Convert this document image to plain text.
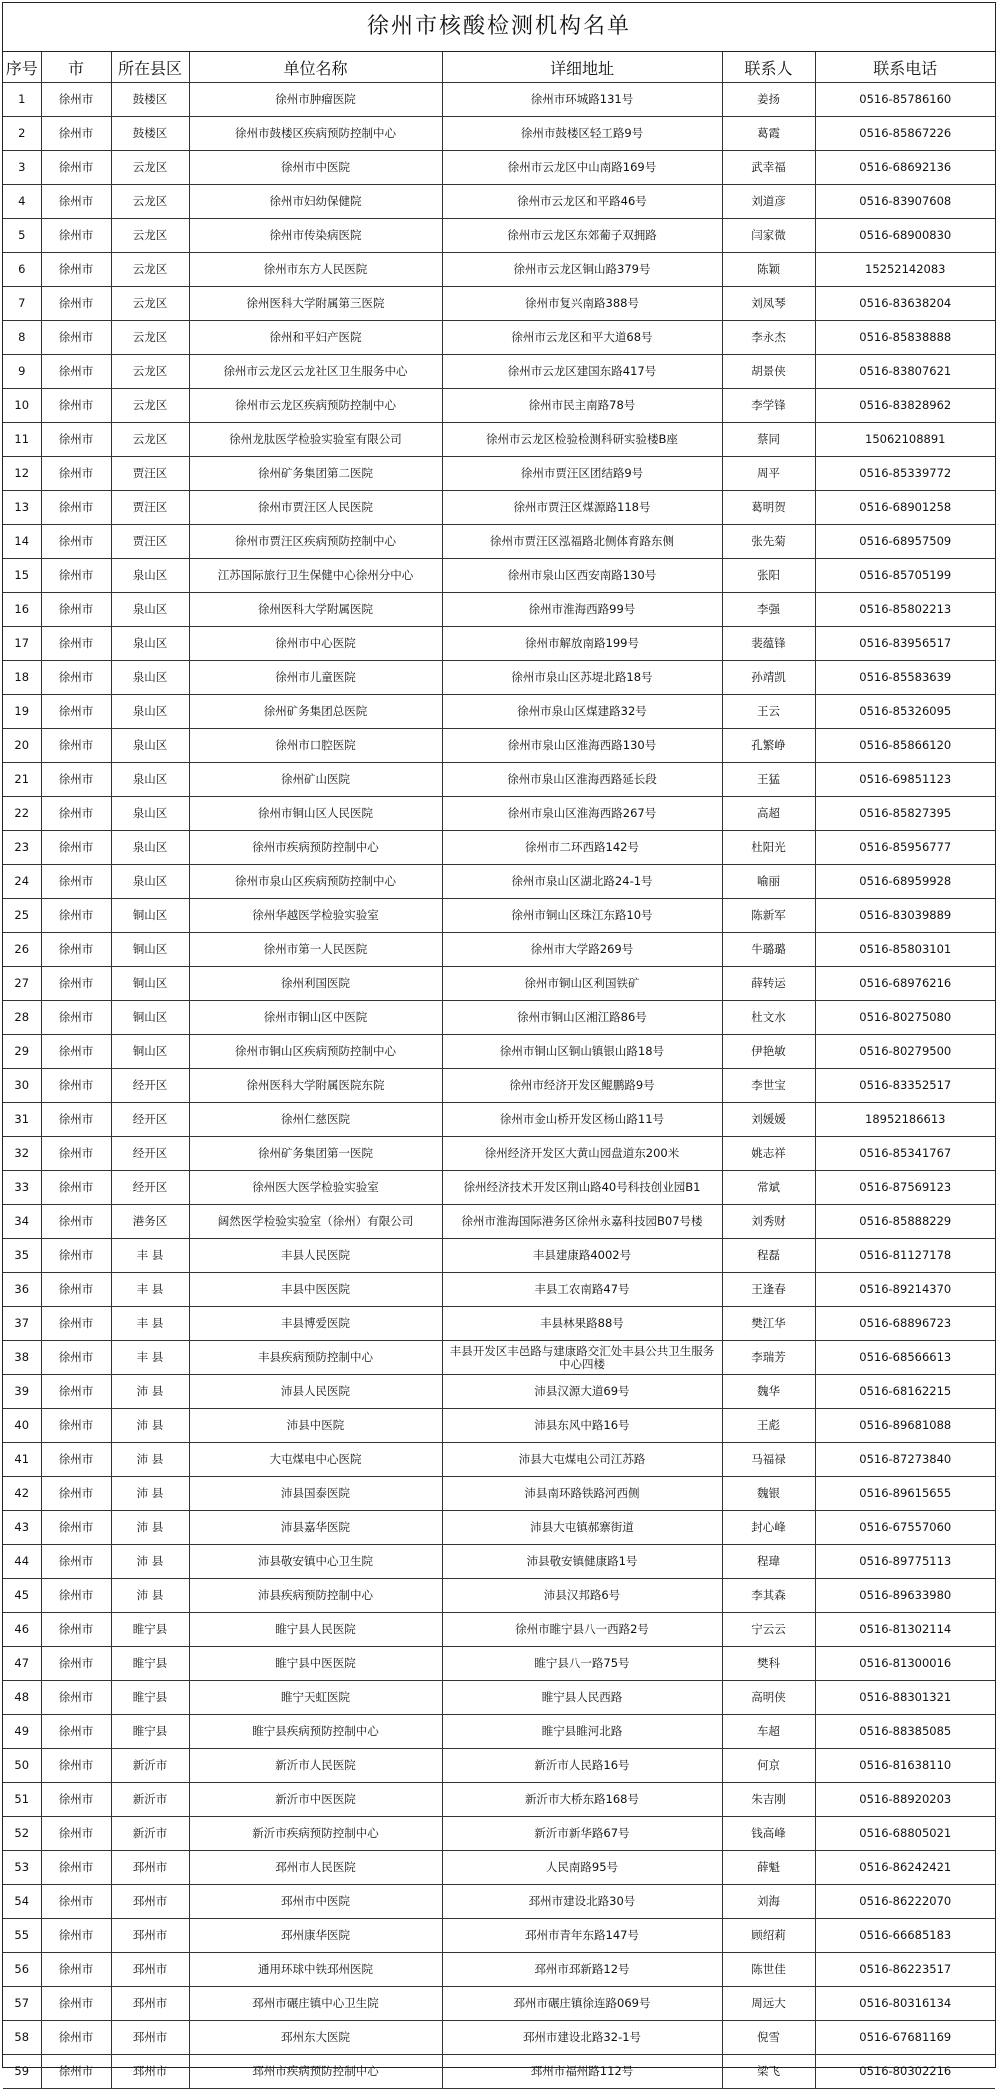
徐州市核酸检测机构名单
序号	市	所在县区	单位名称	详细地址	联系人	联系电话
1	徐州市	鼓楼区	徐州市肿瘤医院	徐州市环城路131号	姜扬	0516-85786160
2	徐州市	鼓楼区	徐州市鼓楼区疾病预防控制中心	徐州市鼓楼区轻工路9号	葛霞	0516-85867226
3	徐州市	云龙区	徐州市中医院	徐州市云龙区中山南路169号	武幸福	0516-68692136
4	徐州市	云龙区	徐州市妇幼保健院	徐州市云龙区和平路46号	刘道彦	0516-83907608
5	徐州市	云龙区	徐州市传染病医院	徐州市云龙区东郊葡子双拥路	闫家微	0516-68900830
6	徐州市	云龙区	徐州市东方人民医院	徐州市云龙区铜山路379号	陈颖	15252142083
7	徐州市	云龙区	徐州医科大学附属第三医院	徐州市复兴南路388号	刘凤琴	0516-83638204
8	徐州市	云龙区	徐州和平妇产医院	徐州市云龙区和平大道68号	李永杰	0516-85838888
9	徐州市	云龙区	徐州市云龙区云龙社区卫生服务中心	徐州市云龙区建国东路417号	胡景侠	0516-83807621
10	徐州市	云龙区	徐州市云龙区疾病预防控制中心	徐州市民主南路78号	李学锋	0516-83828962
11	徐州市	云龙区	徐州龙肽医学检验实验室有限公司	徐州市云龙区检验检测科研实验楼B座	蔡同	15062108891
12	徐州市	贾汪区	徐州矿务集团第二医院	徐州市贾汪区团结路9号	周平	0516-85339772
13	徐州市	贾汪区	徐州市贾汪区人民医院	徐州市贾汪区煤源路118号	葛明贺	0516-68901258
14	徐州市	贾汪区	徐州市贾汪区疾病预防控制中心	徐州市贾汪区泓福路北侧体育路东侧	张先菊	0516-68957509
15	徐州市	泉山区	江苏国际旅行卫生保健中心徐州分中心	徐州市泉山区西安南路130号	张阳	0516-85705199
16	徐州市	泉山区	徐州医科大学附属医院	徐州市淮海西路99号	李强	0516-85802213
17	徐州市	泉山区	徐州市中心医院	徐州市解放南路199号	裴蕴锋	0516-83956517
18	徐州市	泉山区	徐州市儿童医院	徐州市泉山区苏堤北路18号	孙靖凯	0516-85583639
19	徐州市	泉山区	徐州矿务集团总医院	徐州市泉山区煤建路32号	王云	0516-85326095
20	徐州市	泉山区	徐州市口腔医院	徐州市泉山区淮海西路130号	孔繁峥	0516-85866120
21	徐州市	泉山区	徐州矿山医院	徐州市泉山区淮海西路延长段	王猛	0516-69851123
22	徐州市	泉山区	徐州市铜山区人民医院	徐州市泉山区淮海西路267号	高超	0516-85827395
23	徐州市	泉山区	徐州市疾病预防控制中心	徐州市二环西路142号	杜阳光	0516-85956777
24	徐州市	泉山区	徐州市泉山区疾病预防控制中心	徐州市泉山区湖北路24-1号	喻丽	0516-68959928
25	徐州市	铜山区	徐州华越医学检验实验室	徐州市铜山区珠江东路10号	陈新军	0516-83039889
26	徐州市	铜山区	徐州市第一人民医院	徐州市大学路269号	牛璐璐	0516-85803101
27	徐州市	铜山区	徐州利国医院	徐州市铜山区利国铁矿	薛转运	0516-68976216
28	徐州市	铜山区	徐州市铜山区中医院	徐州市铜山区湘江路86号	杜文水	0516-80275080
29	徐州市	铜山区	徐州市铜山区疾病预防控制中心	徐州市铜山区铜山镇银山路18号	伊艳敏	0516-80279500
30	徐州市	经开区	徐州医科大学附属医院东院	徐州市经济开发区鲲鹏路9号	李世宝	0516-83352517
31	徐州市	经开区	徐州仁慈医院	徐州市金山桥开发区杨山路11号	刘媛媛	18952186613
32	徐州市	经开区	徐州矿务集团第一医院	徐州经济开发区大黄山园盘道东200米	姚志祥	0516-85341767
33	徐州市	经开区	徐州医大医学检验实验室	徐州经济技术开发区荆山路40号科技创业园B1	常斌	0516-87569123
34	徐州市	港务区	阔然医学检验实验室（徐州）有限公司	徐州市淮海国际港务区徐州永嘉科技园B07号楼	刘秀财	0516-85888229
35	徐州市	丰 县	丰县人民医院	丰县建康路4002号	程磊	0516-81127178
36	徐州市	丰 县	丰县中医医院	丰县工农南路47号	王逢春	0516-89214370
37	徐州市	丰 县	丰县博爱医院	丰县林果路88号	樊江华	0516-68896723
38	徐州市	丰 县	丰县疾病预防控制中心	丰县开发区丰邑路与建康路交汇处丰县公共卫生服务中心四楼	李瑞芳	0516-68566613
39	徐州市	沛 县	沛县人民医院	沛县汉源大道69号	魏华	0516-68162215
40	徐州市	沛 县	沛县中医院	沛县东风中路16号	王彪	0516-89681088
41	徐州市	沛 县	大屯煤电中心医院	沛县大屯煤电公司江苏路	马福禄	0516-87273840
42	徐州市	沛 县	沛县国泰医院	沛县南环路铁路河西侧	魏银	0516-89615655
43	徐州市	沛 县	沛县嘉华医院	沛县大屯镇郝寨街道	封心峰	0516-67557060
44	徐州市	沛 县	沛县敬安镇中心卫生院	沛县敬安镇健康路1号	程瑋	0516-89775113
45	徐州市	沛 县	沛县疾病预防控制中心	沛县汉邦路6号	李其森	0516-89633980
46	徐州市	睢宁县	睢宁县人民医院	徐州市睢宁县八一西路2号	宁云云	0516-81302114
47	徐州市	睢宁县	睢宁县中医医院	睢宁县八一路75号	樊科	0516-81300016
48	徐州市	睢宁县	睢宁天虹医院	睢宁县人民西路	高明侠	0516-88301321
49	徐州市	睢宁县	睢宁县疾病预防控制中心	睢宁县睢河北路	车超	0516-88385085
50	徐州市	新沂市	新沂市人民医院	新沂市人民路16号	何京	0516-81638110
51	徐州市	新沂市	新沂市中医医院	新沂市大桥东路168号	朱吉刚	0516-88920203
52	徐州市	新沂市	新沂市疾病预防控制中心	新沂市新华路67号	钱高峰	0516-68805021
53	徐州市	邳州市	邳州市人民医院	人民南路95号	薛魁	0516-86242421
54	徐州市	邳州市	邳州市中医院	邳州市建设北路30号	刘海	0516-86222070
55	徐州市	邳州市	邳州康华医院	邳州市青年东路147号	顾绍莉	0516-66685183
56	徐州市	邳州市	通用环球中铁邳州医院	邳州市邳新路12号	陈世佳	0516-86223517
57	徐州市	邳州市	邳州市碾庄镇中心卫生院	邳州市碾庄镇徐连路069号	周远大	0516-80316134
58	徐州市	邳州市	邳州东大医院	邳州市建设北路32-1号	倪雪	0516-67681169
59	徐州市	邳州市	邳州市疾病预防控制中心	邳州市福州路112号	梁飞	0516-80302216
